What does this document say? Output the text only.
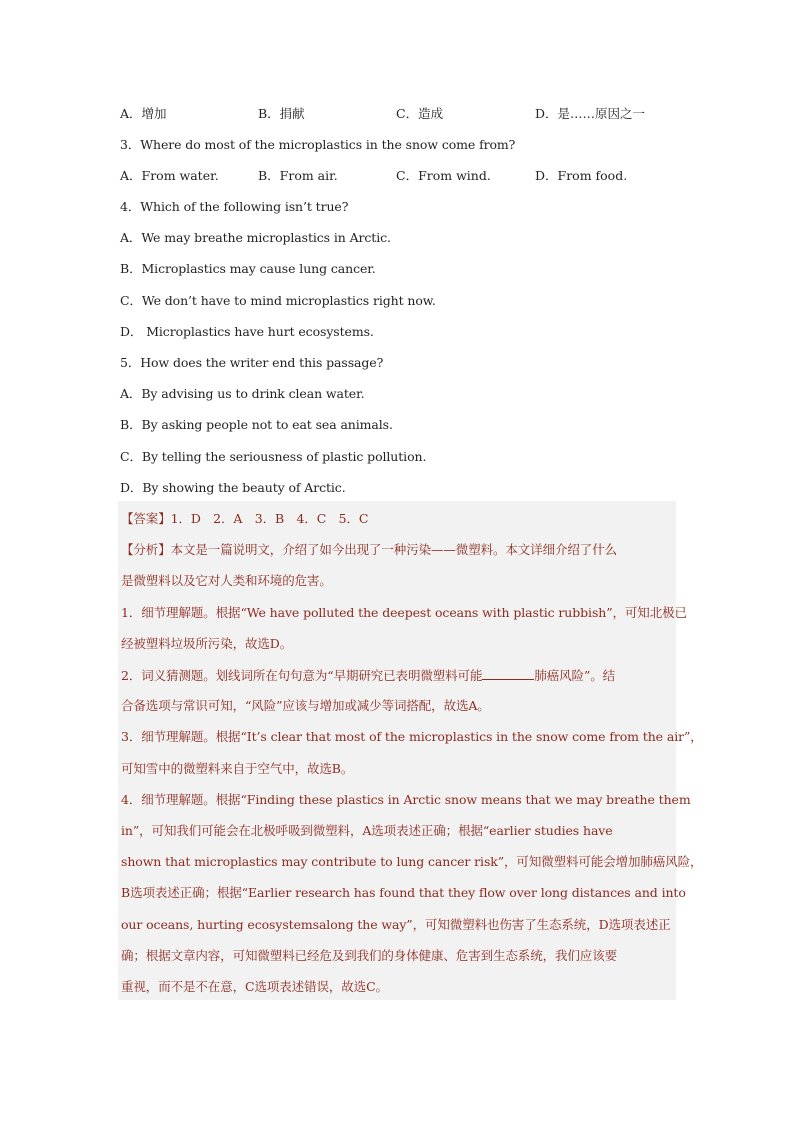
A．增加	B．捐献	C．造成	D．是……原因之一
3．Where do most of the microplastics in the snow come from?
A．From water.	B．From air.	C．From wind.	D．From food.
4．Which of the following isn’t true?
A．We may breathe microplastics in Arctic.
B．Microplastics may cause lung cancer.
C．We don’t have to mind microplastics right now.
D． Microplastics have hurt ecosystems.
5．How does the writer end this passage?
A．By advising us to drink clean water.
B．By asking people not to eat sea animals.
C．By telling the seriousness of plastic pollution.
D．By showing the beauty of Arctic.
【答案】1．D　2．A　3．B　4．C　5．C
【分析】本文是一篇说明文，介绍了如今出现了一种污染——微塑料。本文详细介绍了什么
是微塑料以及它对人类和环境的危害。
1．细节理解题。根据“We have polluted the deepest oceans with plastic rubbish”，可知北极已
经被塑料垃圾所污染，故选D。
2．词义猜测题。划线词所在句句意为“早期研究已表明微塑料可能	肺癌风险”。结
合备选项与常识可知，“风险”应该与增加或减少等词搭配，故选A。
3．细节理解题。根据“It’s clear that most of the microplastics in the snow come from the air”，
可知雪中的微塑料来自于空气中，故选B。
4．细节理解题。根据“Finding these plastics in Arctic snow means that we may breathe them
in”，可知我们可能会在北极呼吸到微塑料，A选项表述正确；根据“earlier studies have
shown that microplastics may contribute to lung cancer risk”，可知微塑料可能会增加肺癌风险，
B选项表述正确；根据“Earlier research has found that they flow over long distances and into
our oceans, hurting ecosystemsalong the way”，可知微塑料也伤害了生态系统，D选项表述正
确；根据文章内容，可知微塑料已经危及到我们的身体健康、危害到生态系统，我们应该要
重视，而不是不在意，C选项表述错误，故选C。
